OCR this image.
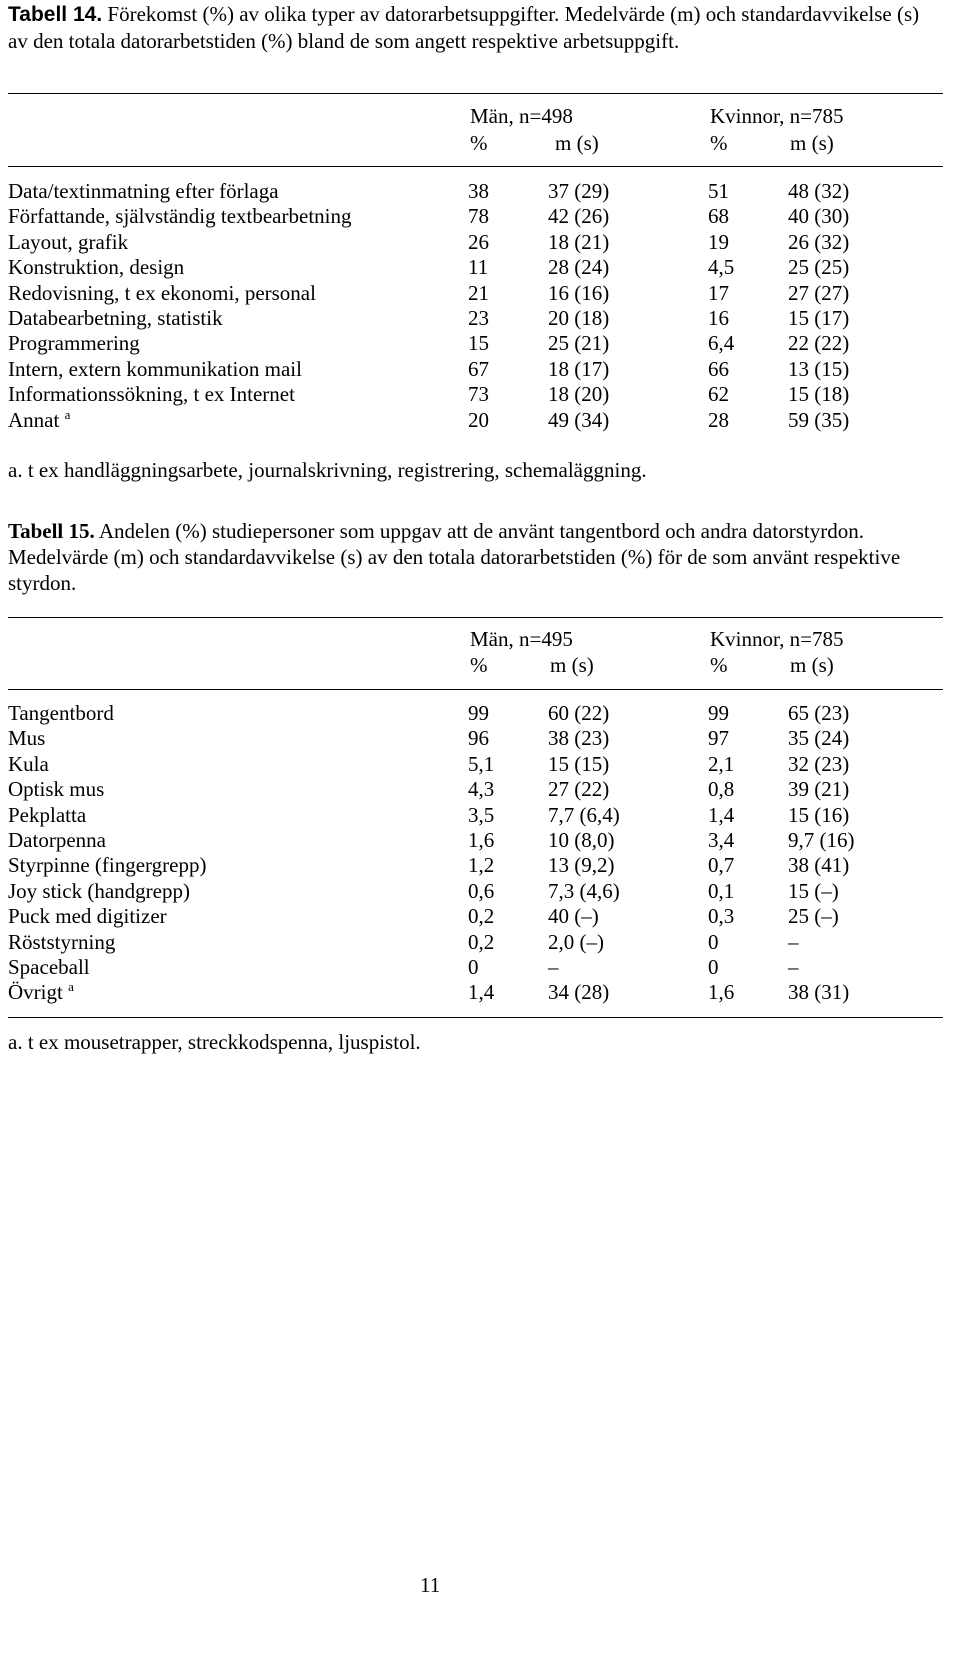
Tabell 14. Förekomst (%) av olika typer av datorarbetsuppgifter. Medelvärde (m) och standardavvikelse (s) av den totala datorarbetstiden (%) bland de som angett respektive arbetsuppgift.
Män, n=498	Kvinnor, n=785
%	m (s)	%	m (s)
Data/textinmatning efter förlaga	38	37 (29)	51	48 (32)
Författande, självständig textbearbetning	78	42 (26)	68	40 (30)
Layout, grafik	26	18 (21)	19	26 (32)
Konstruktion, design	11	28 (24)	4,5	25 (25)
Redovisning, t ex ekonomi, personal	21	16 (16)	17	27 (27)
Databearbetning, statistik	23	20 (18)	16	15 (17)
Programmering	15	25 (21)	6,4	22 (22)
Intern, extern kommunikation mail	67	18 (17)	66	13 (15)
Informationssökning, t ex Internet	73	18 (20)	62	15 (18)
Annat $^a$	20	49 (34)	28	59 (35)
a. t ex handläggningsarbete, journalskrivning, registrering, schemaläggning.
Tabell 15. Andelen (%) studiepersoner som uppgav att de använt tangentbord och andra datorstyrdon. Medelvärde (m) och standardavvikelse (s) av den totala datorarbetstiden (%) för de som använt respektive styrdon.
Män, n=495	Kvinnor, n=785
%	m (s)	%	m (s)
Tangentbord	99	60 (22)	99	65 (23)
Mus	96	38 (23)	97	35 (24)
Kula	5,1	15 (15)	2,1	32 (23)
Optisk mus	4,3	27 (22)	0,8	39 (21)
Pekplatta	3,5	7,7 (6,4)	1,4	15 (16)
Datorpenna	1,6	10 (8,0)	3,4	9,7 (16)
Styrpinne (fingergrepp)	1,2	13 (9,2)	0,7	38 (41)
Joy stick (handgrepp)	0,6	7,3 (4,6)	0,1	15 (–)
Puck med digitizer	0,2	40 (–)	0,3	25 (–)
Röststyrning	0,2	2,0 (–)	0	–
Spaceball	0	–	0	–
Övrigt $^a$	1,4	34 (28)	1,6	38 (31)
a. t ex mousetrapper, streckkodspenna, ljuspistol.
11
